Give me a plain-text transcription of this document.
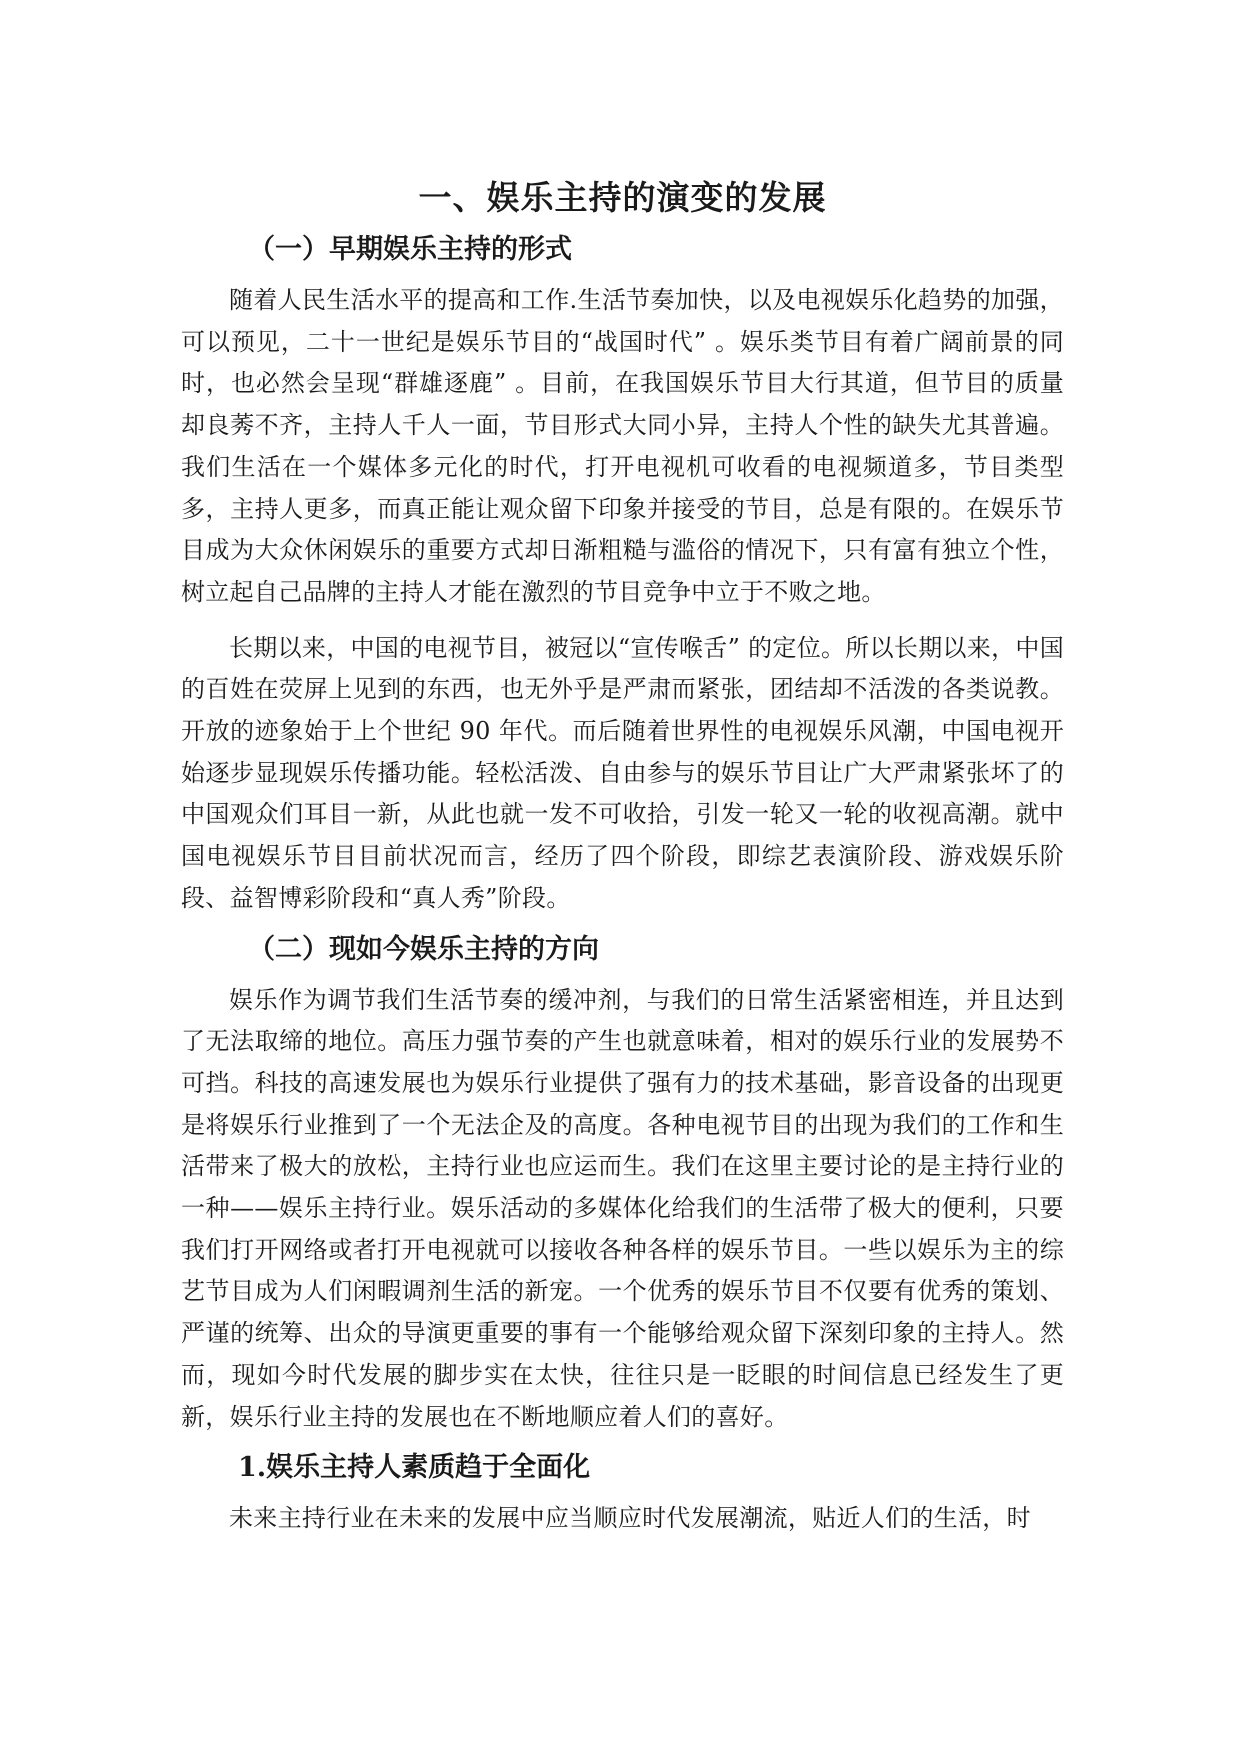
一、娱乐主持的演变的发展
（一）早期娱乐主持的形式

随着人民生活水平的提高和工作.生活节奏加快，以及电视娱乐化趋势的加强，可以预见，二十一世纪是娱乐节目的“战国时代” 。娱乐类节目有着广阔前景的同时，也必然会呈现“群雄逐鹿” 。目前，在我国娱乐节目大行其道，但节目的质量却良莠不齐，主持人千人一面，节目形式大同小异，主持人个性的缺失尤其普遍。我们生活在一个媒体多元化的时代，打开电视机可收看的电视频道多，节目类型多，主持人更多，而真正能让观众留下印象并接受的节目，总是有限的。在娱乐节目成为大众休闲娱乐的重要方式却日渐粗糙与滥俗的情况下，只有富有独立个性，树立起自己品牌的主持人才能在激烈的节目竞争中立于不败之地。

长期以来，中国的电视节目，被冠以“宣传喉舌” 的定位。所以长期以来，中国的百姓在荧屏上见到的东西，也无外乎是严肃而紧张，团结却不活泼的各类说教。开放的迹象始于上个世纪 90 年代。而后随着世界性的电视娱乐风潮，中国电视开始逐步显现娱乐传播功能。轻松活泼、自由参与的娱乐节目让广大严肃紧张坏了的中国观众们耳目一新，从此也就一发不可收拾，引发一轮又一轮的收视高潮。就中国电视娱乐节目目前状况而言，经历了四个阶段，即综艺表演阶段、游戏娱乐阶段、益智博彩阶段和“真人秀”阶段。

（二）现如今娱乐主持的方向

娱乐作为调节我们生活节奏的缓冲剂，与我们的日常生活紧密相连，并且达到了无法取缔的地位。高压力强节奏的产生也就意味着，相对的娱乐行业的发展势不可挡。科技的高速发展也为娱乐行业提供了强有力的技术基础，影音设备的出现更是将娱乐行业推到了一个无法企及的高度。各种电视节目的出现为我们的工作和生活带来了极大的放松，主持行业也应运而生。我们在这里主要讨论的是主持行业的一种——娱乐主持行业。娱乐活动的多媒体化给我们的生活带了极大的便利，只要我们打开网络或者打开电视就可以接收各种各样的娱乐节目。一些以娱乐为主的综艺节目成为人们闲暇调剂生活的新宠。一个优秀的娱乐节目不仅要有优秀的策划、严谨的统筹、出众的导演更重要的事有一个能够给观众留下深刻印象的主持人。然而，现如今时代发展的脚步实在太快，往往只是一眨眼的时间信息已经发生了更新，娱乐行业主持的发展也在不断地顺应着人们的喜好。

1.娱乐主持人素质趋于全面化

未来主持行业在未来的发展中应当顺应时代发展潮流，贴近人们的生活，时
